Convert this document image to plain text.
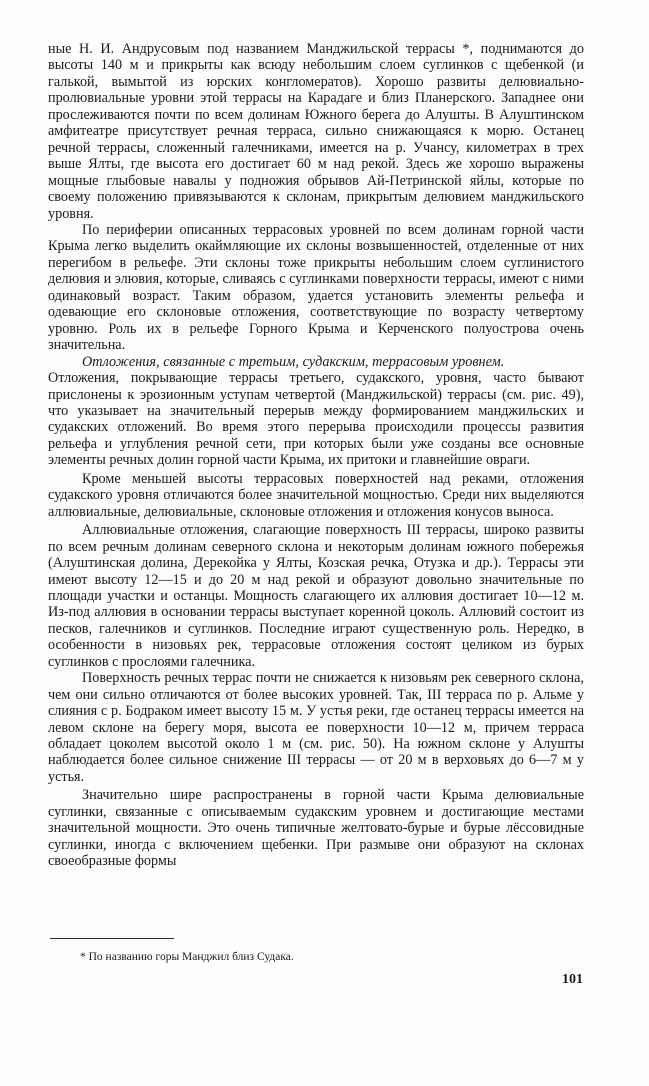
ные Н. И. Андрусовым под названием Манджильской террасы *, поднимаются до высоты 140 м и прикрыты как всюду небольшим слоем суглинков с щебенкой (и галькой, вымытой из юрских конгломератов). Хорошо развиты делювиально-пролювиальные уровни этой террасы на Карадаге и близ Планерского. Западнее они прослеживаются почти по всем долинам Южного берега до Алушты. В Алуштинском амфитеатре присутствует речная терраса, сильно снижающаяся к морю. Останец речной террасы, сложенный галечниками, имеется на р. Учансу, километрах в трех выше Ялты, где высота его достигает 60 м над рекой. Здесь же хорошо выражены мощные глыбовые навалы у подножия обрывов Ай-Петринской яйлы, которые по своему положению привязываются к склонам, прикрытым делювием манджильского уровня.

По периферии описанных террасовых уровней по всем долинам горной части Крыма легко выделить окаймляющие их склоны возвышенностей, отделенные от них перегибом в рельефе. Эти склоны тоже прикрыты небольшим слоем суглинистого делювия и элювия, которые, сливаясь с суглинками поверхности террасы, имеют с ними одинаковый возраст. Таким образом, удается установить элементы рельефа и одевающие его склоновые отложения, соответствующие по возрасту четвертому уровню. Роль их в рельефе Горного Крыма и Керченского полуострова очень значительна.

Отложения, связанные с третьим, судакским, террасовым уровнем.

Отложения, покрывающие террасы третьего, судакского, уровня, часто бывают прислонены к эрозионным уступам четвертой (Манджильской) террасы (см. рис. 49), что указывает на значительный перерыв между формированием манджильских и судакских отложений. Во время этого перерыва происходили процессы развития рельефа и углубления речной сети, при которых были уже созданы все основные элементы речных долин горной части Крыма, их притоки и главнейшие овраги.

Кроме меньшей высоты террасовых поверхностей над реками, отложения судакского уровня отличаются более значительной мощностью. Среди них выделяются аллювиальные, делювиальные, склоновые отложения и отложения конусов выноса.

Аллювиальные отложения, слагающие поверхность III террасы, широко развиты по всем речным долинам северного склона и некоторым долинам южного побережья (Алуштинская долина, Дерекойка у Ялты, Козская речка, Отузка и др.). Террасы эти имеют высоту 12—15 и до 20 м над рекой и образуют довольно значительные по площади участки и останцы. Мощность слагающего их аллювия достигает 10—12 м. Из-под аллювия в основании террасы выступает коренной цоколь. Аллювий состоит из песков, галечников и суглинков. Последние играют существенную роль. Нередко, в особенности в низовьях рек, террасовые отложения состоят целиком из бурых суглинков с прослоями галечника.

Поверхность речных террас почти не снижается к низовьям рек северного склона, чем они сильно отличаются от более высоких уровней. Так, III терраса по р. Альме у слияния с р. Бодраком имеет высоту 15 м. У устья реки, где останец террасы имеется на левом склоне на берегу моря, высота ее поверхности 10—12 м, причем терраса обладает цоколем высотой около 1 м (см. рис. 50). На южном склоне у Алушты наблюдается более сильное снижение III террасы — от 20 м в верховьях до 6—7 м у устья.

Значительно шире распространены в горной части Крыма делювиальные суглинки, связанные с описываемым судакским уровнем и достигающие местами значительной мощности. Это очень типичные желтовато-бурые и бурые лёссовидные суглинки, иногда с включением щебенки. При размыве они образуют на склонах своеобразные формы

* По названию горы Манджил близ Судака.
101
